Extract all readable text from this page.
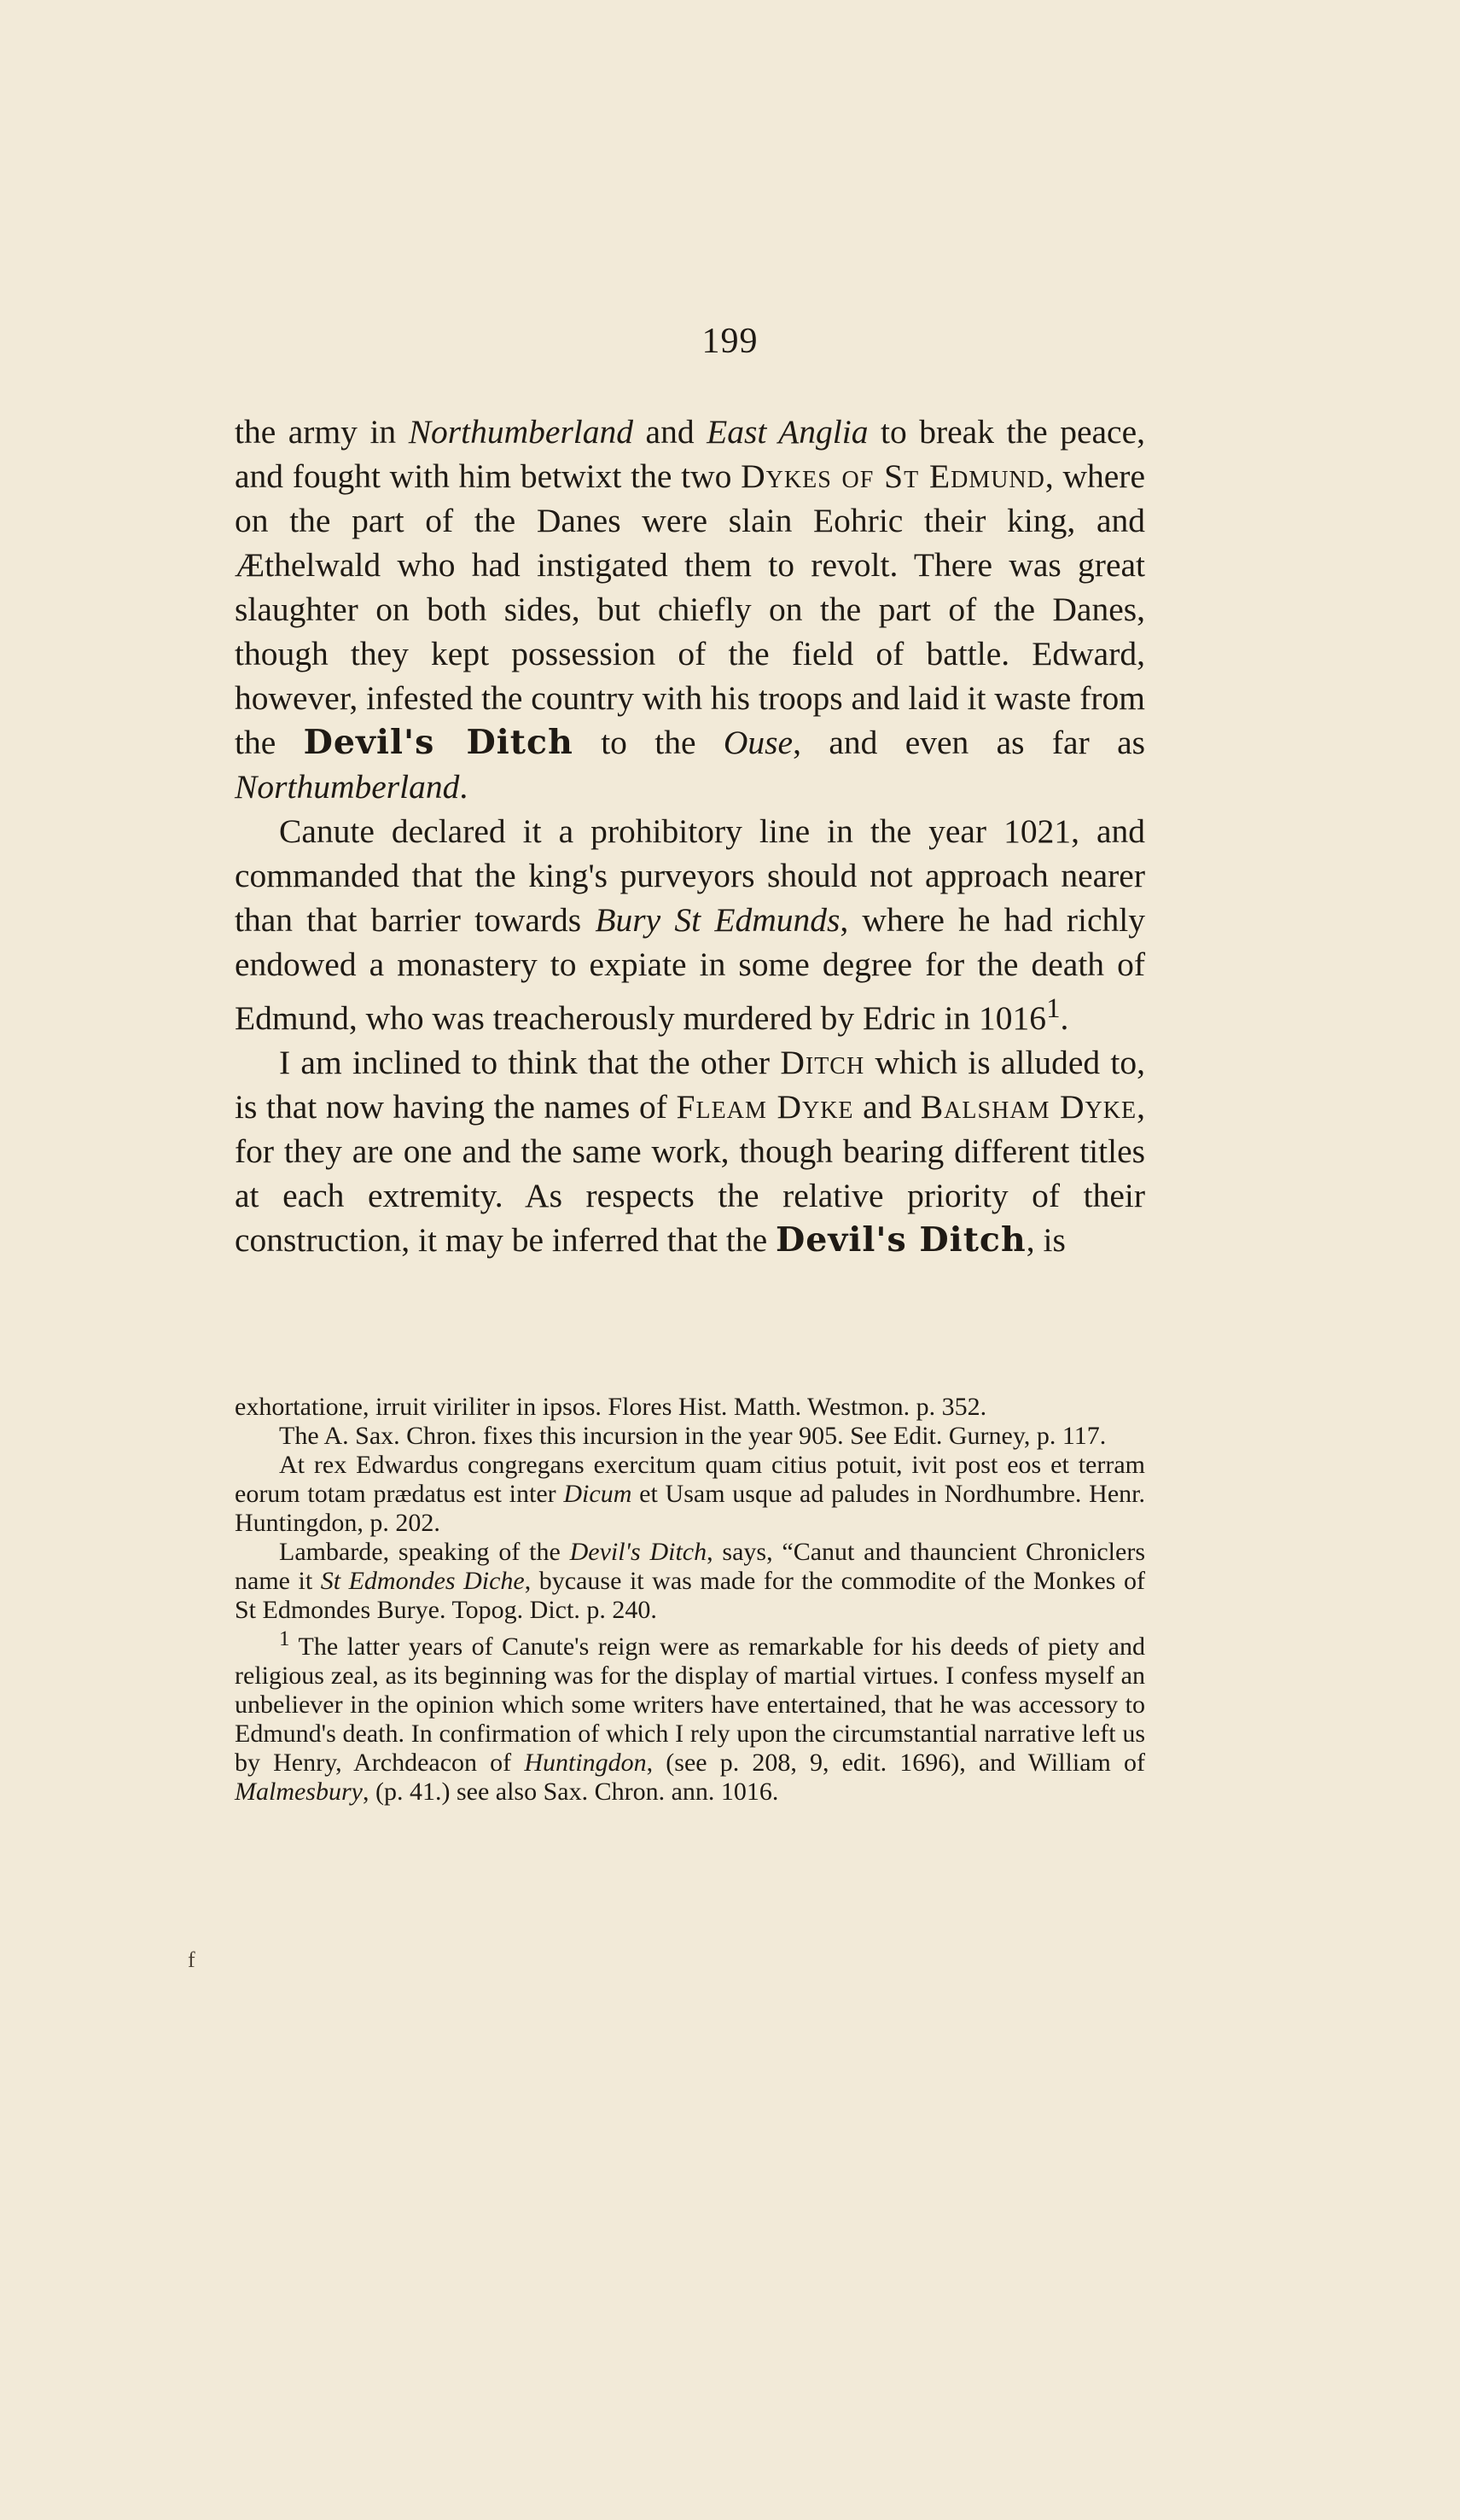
199

the army in Northumberland and East Anglia to break the peace, and fought with him betwixt the two Dykes of St Edmund, where on the part of the Danes were slain Eohric their king, and Æthelwald who had instigated them to revolt. There was great slaughter on both sides, but chiefly on the part of the Danes, though they kept possession of the field of battle. Edward, however, infested the country with his troops and laid it waste from the Devil's Ditch to the Ouse, and even as far as Northumberland.

Canute declared it a prohibitory line in the year 1021, and commanded that the king's purveyors should not approach nearer than that barrier towards Bury St Edmunds, where he had richly endowed a monastery to expiate in some degree for the death of Edmund, who was treacherously murdered by Edric in 1016$^1$.

I am inclined to think that the other Ditch which is alluded to, is that now having the names of Fleam Dyke and Balsham Dyke, for they are one and the same work, though bearing different titles at each extremity. As respects the relative priority of their construction, it may be inferred that the Devil's Ditch, is

exhortatione, irruit viriliter in ipsos. Flores Hist. Matth. Westmon. p. 352.

The A. Sax. Chron. fixes this incursion in the year 905. See Edit. Gurney, p. 117.

At rex Edwardus congregans exercitum quam citius potuit, ivit post eos et terram eorum totam prædatus est inter Dicum et Usam usque ad paludes in Nordhumbre. Henr. Huntingdon, p. 202.

Lambarde, speaking of the Devil's Ditch, says, “Canut and thauncient Chroniclers name it St Edmondes Diche, bycause it was made for the commodite of the Monkes of St Edmondes Burye. Topog. Dict. p. 240.

$^1$ The latter years of Canute's reign were as remarkable for his deeds of piety and religious zeal, as its beginning was for the display of martial virtues. I confess myself an unbeliever in the opinion which some writers have entertained, that he was accessory to Edmund's death. In confirmation of which I rely upon the circumstantial narrative left us by Henry, Archdeacon of Huntingdon, (see p. 208, 9, edit. 1696), and William of Malmesbury, (p. 41.) see also Sax. Chron. ann. 1016.

f
